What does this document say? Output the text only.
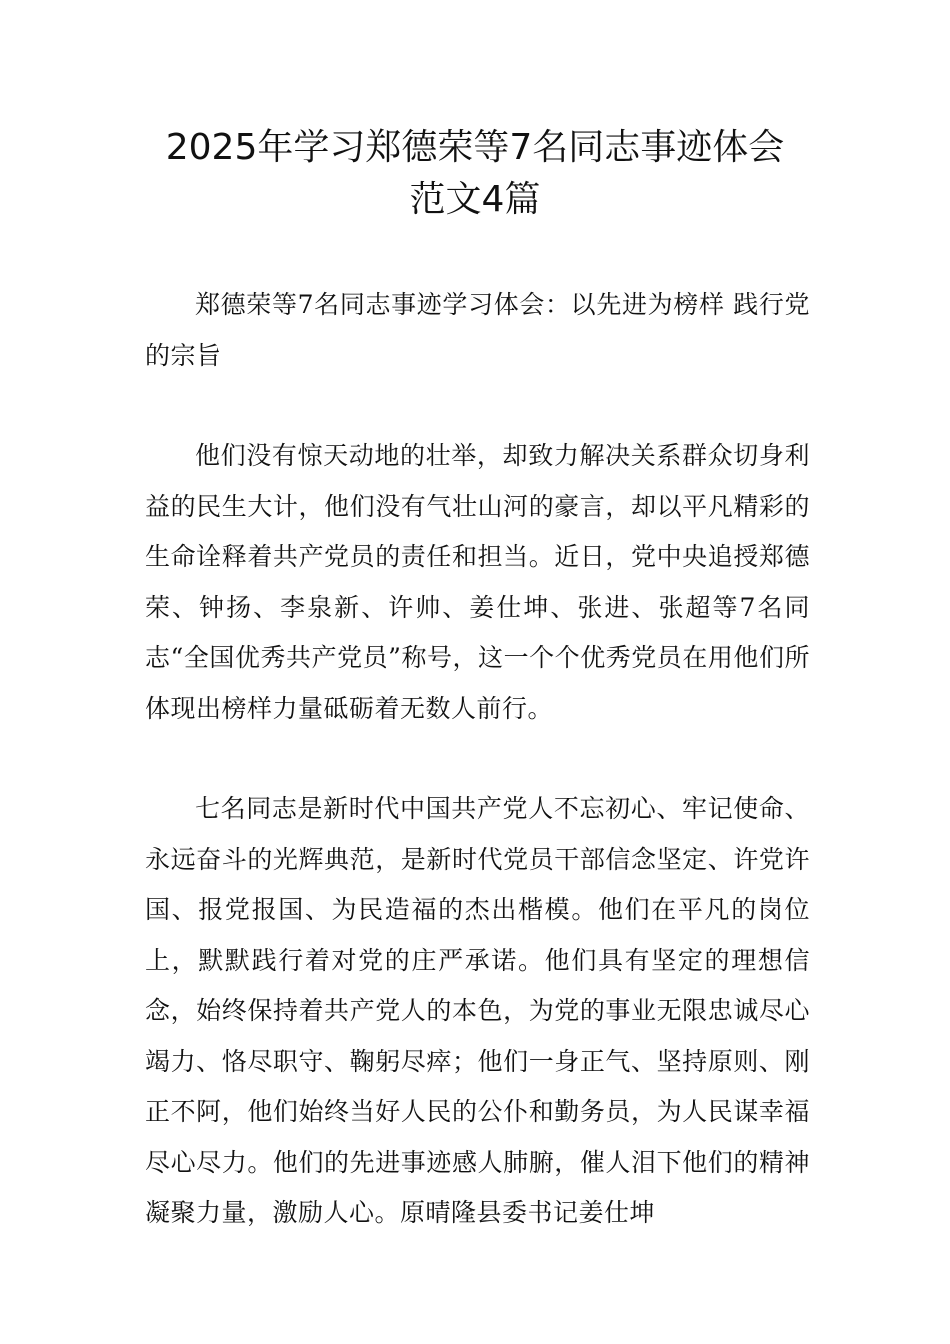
2025年学习郑德荣等7名同志事迹体会范文4篇

郑德荣等7名同志事迹学习体会：以先进为榜样 践行党的宗旨

他们没有惊天动地的壮举，却致力解决关系群众切身利益的民生大计，他们没有气壮山河的豪言，却以平凡精彩的生命诠释着共产党员的责任和担当。近日，党中央追授郑德荣、钟扬、李泉新、许帅、姜仕坤、张进、张超等7名同志“全国优秀共产党员”称号，这一个个优秀党员在用他们所体现出榜样力量砥砺着无数人前行。

七名同志是新时代中国共产党人不忘初心、牢记使命、永远奋斗的光辉典范，是新时代党员干部信念坚定、许党许国、报党报国、为民造福的杰出楷模。他们在平凡的岗位上，默默践行着对党的庄严承诺。他们具有坚定的理想信念，始终保持着共产党人的本色，为党的事业无限忠诚尽心竭力、恪尽职守、鞠躬尽瘁；他们一身正气、坚持原则、刚正不阿，他们始终当好人民的公仆和勤务员，为人民谋幸福尽心尽力。他们的先进事迹感人肺腑，催人泪下他们的精神凝聚力量，激励人心。原晴隆县委书记姜仕坤
